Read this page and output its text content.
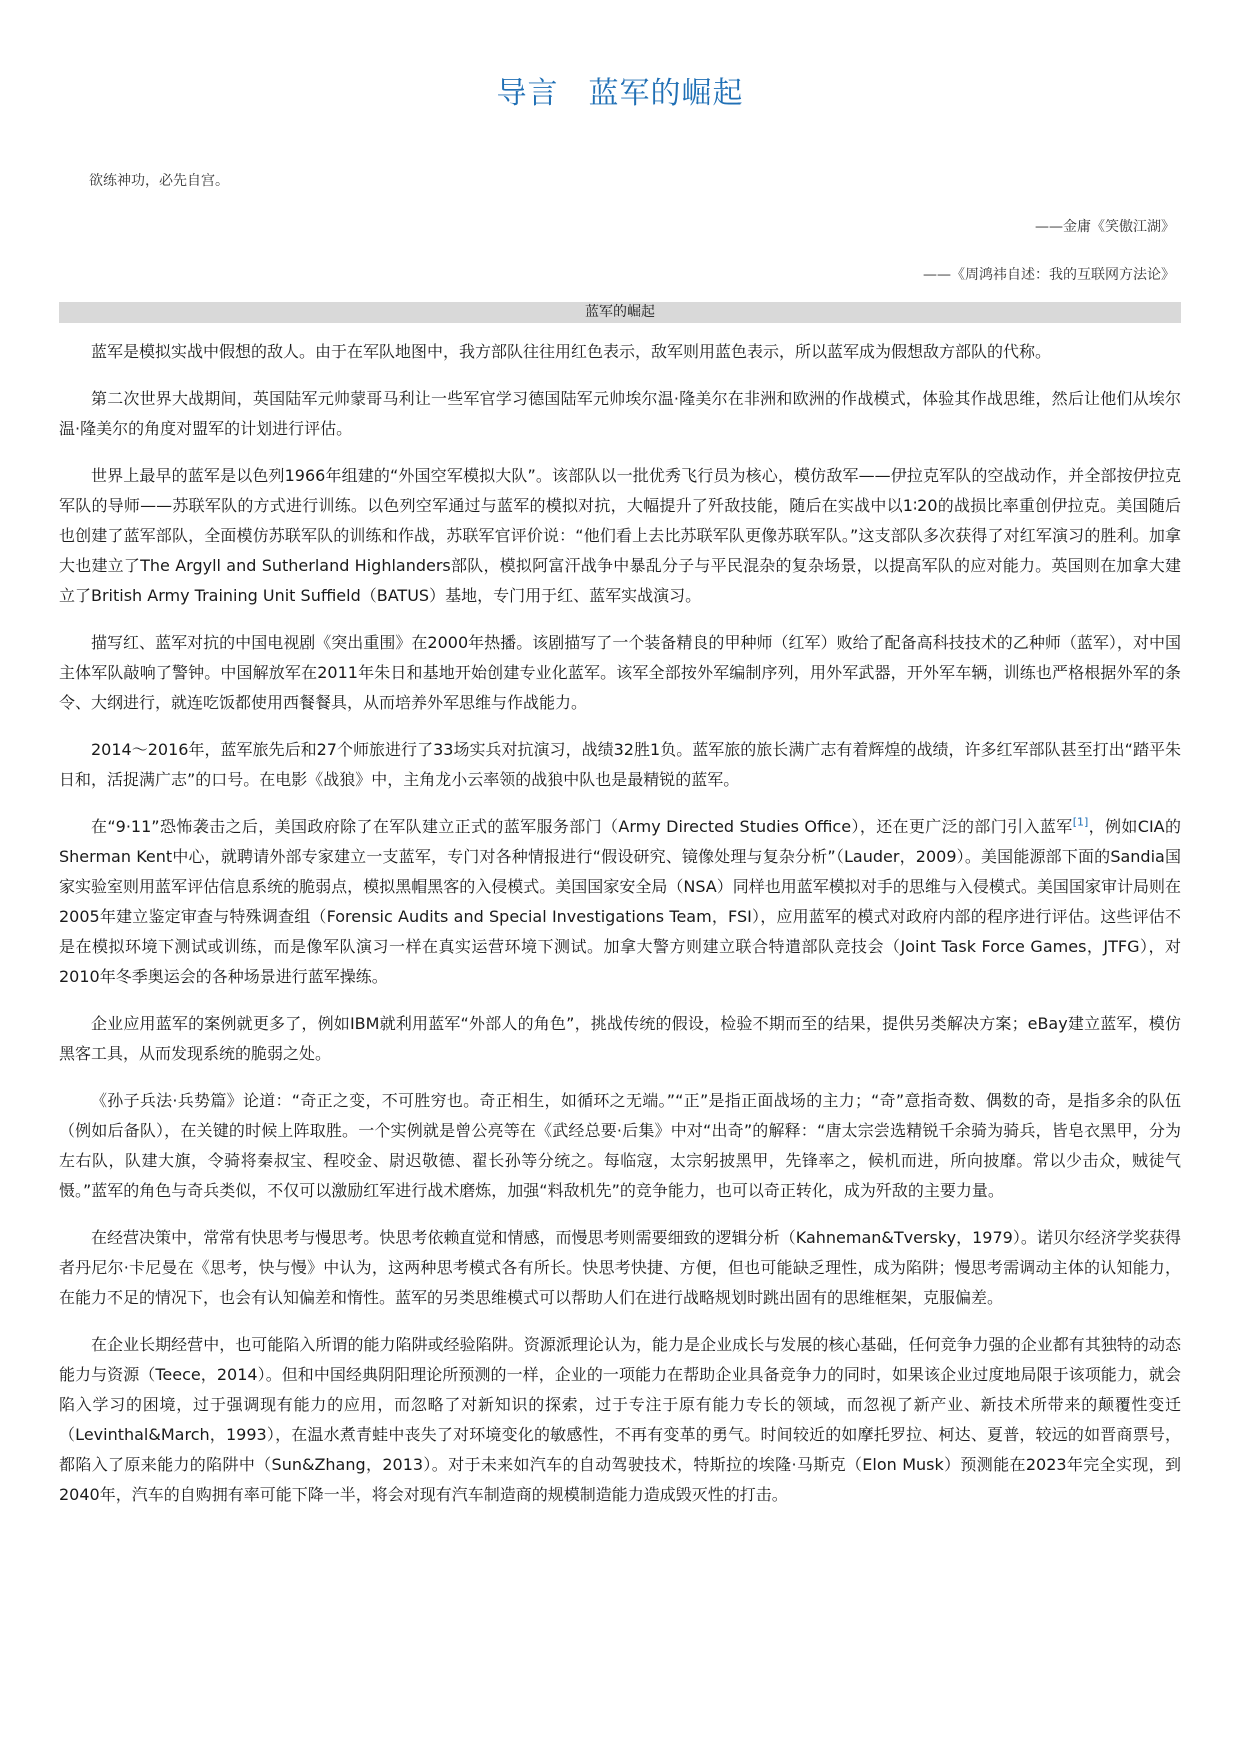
导言 蓝军的崛起
欲练神功，必先自宫。

——金庸《笑傲江湖》

——《周鸿祎自述：我的互联网方法论》

蓝军的崛起

蓝军是模拟实战中假想的敌人。由于在军队地图中，我方部队往往用红色表示，敌军则用蓝色表示，所以蓝军成为假想敌方部队的代称。

第二次世界大战期间，英国陆军元帅蒙哥马利让一些军官学习德国陆军元帅埃尔温·隆美尔在非洲和欧洲的作战模式，体验其作战思维，然后让他们从埃尔温·隆美尔的角度对盟军的计划进行评估。

世界上最早的蓝军是以色列1966年组建的“外国空军模拟大队”。该部队以一批优秀飞行员为核心，模仿敌军——伊拉克军队的空战动作，并全部按伊拉克军队的导师——苏联军队的方式进行训练。以色列空军通过与蓝军的模拟对抗，大幅提升了歼敌技能，随后在实战中以1∶20的战损比率重创伊拉克。美国随后也创建了蓝军部队，全面模仿苏联军队的训练和作战，苏联军官评价说：“他们看上去比苏联军队更像苏联军队。”这支部队多次获得了对红军演习的胜利。加拿大也建立了The Argyll and Sutherland Highlanders部队，模拟阿富汗战争中暴乱分子与平民混杂的复杂场景，以提高军队的应对能力。英国则在加拿大建立了British Army Training Unit Suffield（BATUS）基地，专门用于红、蓝军实战演习。

描写红、蓝军对抗的中国电视剧《突出重围》在2000年热播。该剧描写了一个装备精良的甲种师（红军）败给了配备高科技技术的乙种师（蓝军），对中国主体军队敲响了警钟。中国解放军在2011年朱日和基地开始创建专业化蓝军。该军全部按外军编制序列，用外军武器，开外军车辆，训练也严格根据外军的条令、大纲进行，就连吃饭都使用西餐餐具，从而培养外军思维与作战能力。

2014～2016年，蓝军旅先后和27个师旅进行了33场实兵对抗演习，战绩32胜1负。蓝军旅的旅长满广志有着辉煌的战绩，许多红军部队甚至打出“踏平朱日和，活捉满广志”的口号。在电影《战狼》中，主角龙小云率领的战狼中队也是最精锐的蓝军。

在“9·11”恐怖袭击之后，美国政府除了在军队建立正式的蓝军服务部门（Army Directed Studies Office），还在更广泛的部门引入蓝军[1]，例如CIA的Sherman Kent中心，就聘请外部专家建立一支蓝军，专门对各种情报进行“假设研究、镜像处理与复杂分析”（Lauder，2009）。美国能源部下面的Sandia国家实验室则用蓝军评估信息系统的脆弱点，模拟黑帽黑客的入侵模式。美国国家安全局（NSA）同样也用蓝军模拟对手的思维与入侵模式。美国国家审计局则在2005年建立鉴定审查与特殊调查组（Forensic Audits and Special Investigations Team，FSI），应用蓝军的模式对政府内部的程序进行评估。这些评估不是在模拟环境下测试或训练，而是像军队演习一样在真实运营环境下测试。加拿大警方则建立联合特遣部队竞技会（Joint Task Force Games，JTFG），对2010年冬季奥运会的各种场景进行蓝军操练。

企业应用蓝军的案例就更多了，例如IBM就利用蓝军“外部人的角色”，挑战传统的假设，检验不期而至的结果，提供另类解决方案；eBay建立蓝军，模仿黑客工具，从而发现系统的脆弱之处。

《孙子兵法·兵势篇》论道：“奇正之变，不可胜穷也。奇正相生，如循环之无端。”“正”是指正面战场的主力；“奇”意指奇数、偶数的奇，是指多余的队伍（例如后备队），在关键的时候上阵取胜。一个实例就是曾公亮等在《武经总要·后集》中对“出奇”的解释：“唐太宗尝选精锐千余骑为骑兵，皆皂衣黑甲，分为左右队，队建大旗，令骑将秦叔宝、程咬金、尉迟敬德、翟长孙等分统之。每临寇，太宗躬披黑甲，先锋率之，候机而进，所向披靡。常以少击众，贼徒气慑。”蓝军的角色与奇兵类似，不仅可以激励红军进行战术磨炼，加强“料敌机先”的竞争能力，也可以奇正转化，成为歼敌的主要力量。

在经营决策中，常常有快思考与慢思考。快思考依赖直觉和情感，而慢思考则需要细致的逻辑分析（Kahneman&Tversky，1979）。诺贝尔经济学奖获得者丹尼尔·卡尼曼在《思考，快与慢》中认为，这两种思考模式各有所长。快思考快捷、方便，但也可能缺乏理性，成为陷阱；慢思考需调动主体的认知能力，在能力不足的情况下，也会有认知偏差和惰性。蓝军的另类思维模式可以帮助人们在进行战略规划时跳出固有的思维框架，克服偏差。

在企业长期经营中，也可能陷入所谓的能力陷阱或经验陷阱。资源派理论认为，能力是企业成长与发展的核心基础，任何竞争力强的企业都有其独特的动态能力与资源（Teece，2014）。但和中国经典阴阳理论所预测的一样，企业的一项能力在帮助企业具备竞争力的同时，如果该企业过度地局限于该项能力，就会陷入学习的困境，过于强调现有能力的应用，而忽略了对新知识的探索，过于专注于原有能力专长的领域，而忽视了新产业、新技术所带来的颠覆性变迁（Levinthal&March，1993），在温水煮青蛙中丧失了对环境变化的敏感性，不再有变革的勇气。时间较近的如摩托罗拉、柯达、夏普，较远的如晋商票号，都陷入了原来能力的陷阱中（Sun&Zhang，2013）。对于未来如汽车的自动驾驶技术，特斯拉的埃隆·马斯克（Elon Musk）预测能在2023年完全实现，到2040年，汽车的自购拥有率可能下降一半，将会对现有汽车制造商的规模制造能力造成毁灭性的打击。
